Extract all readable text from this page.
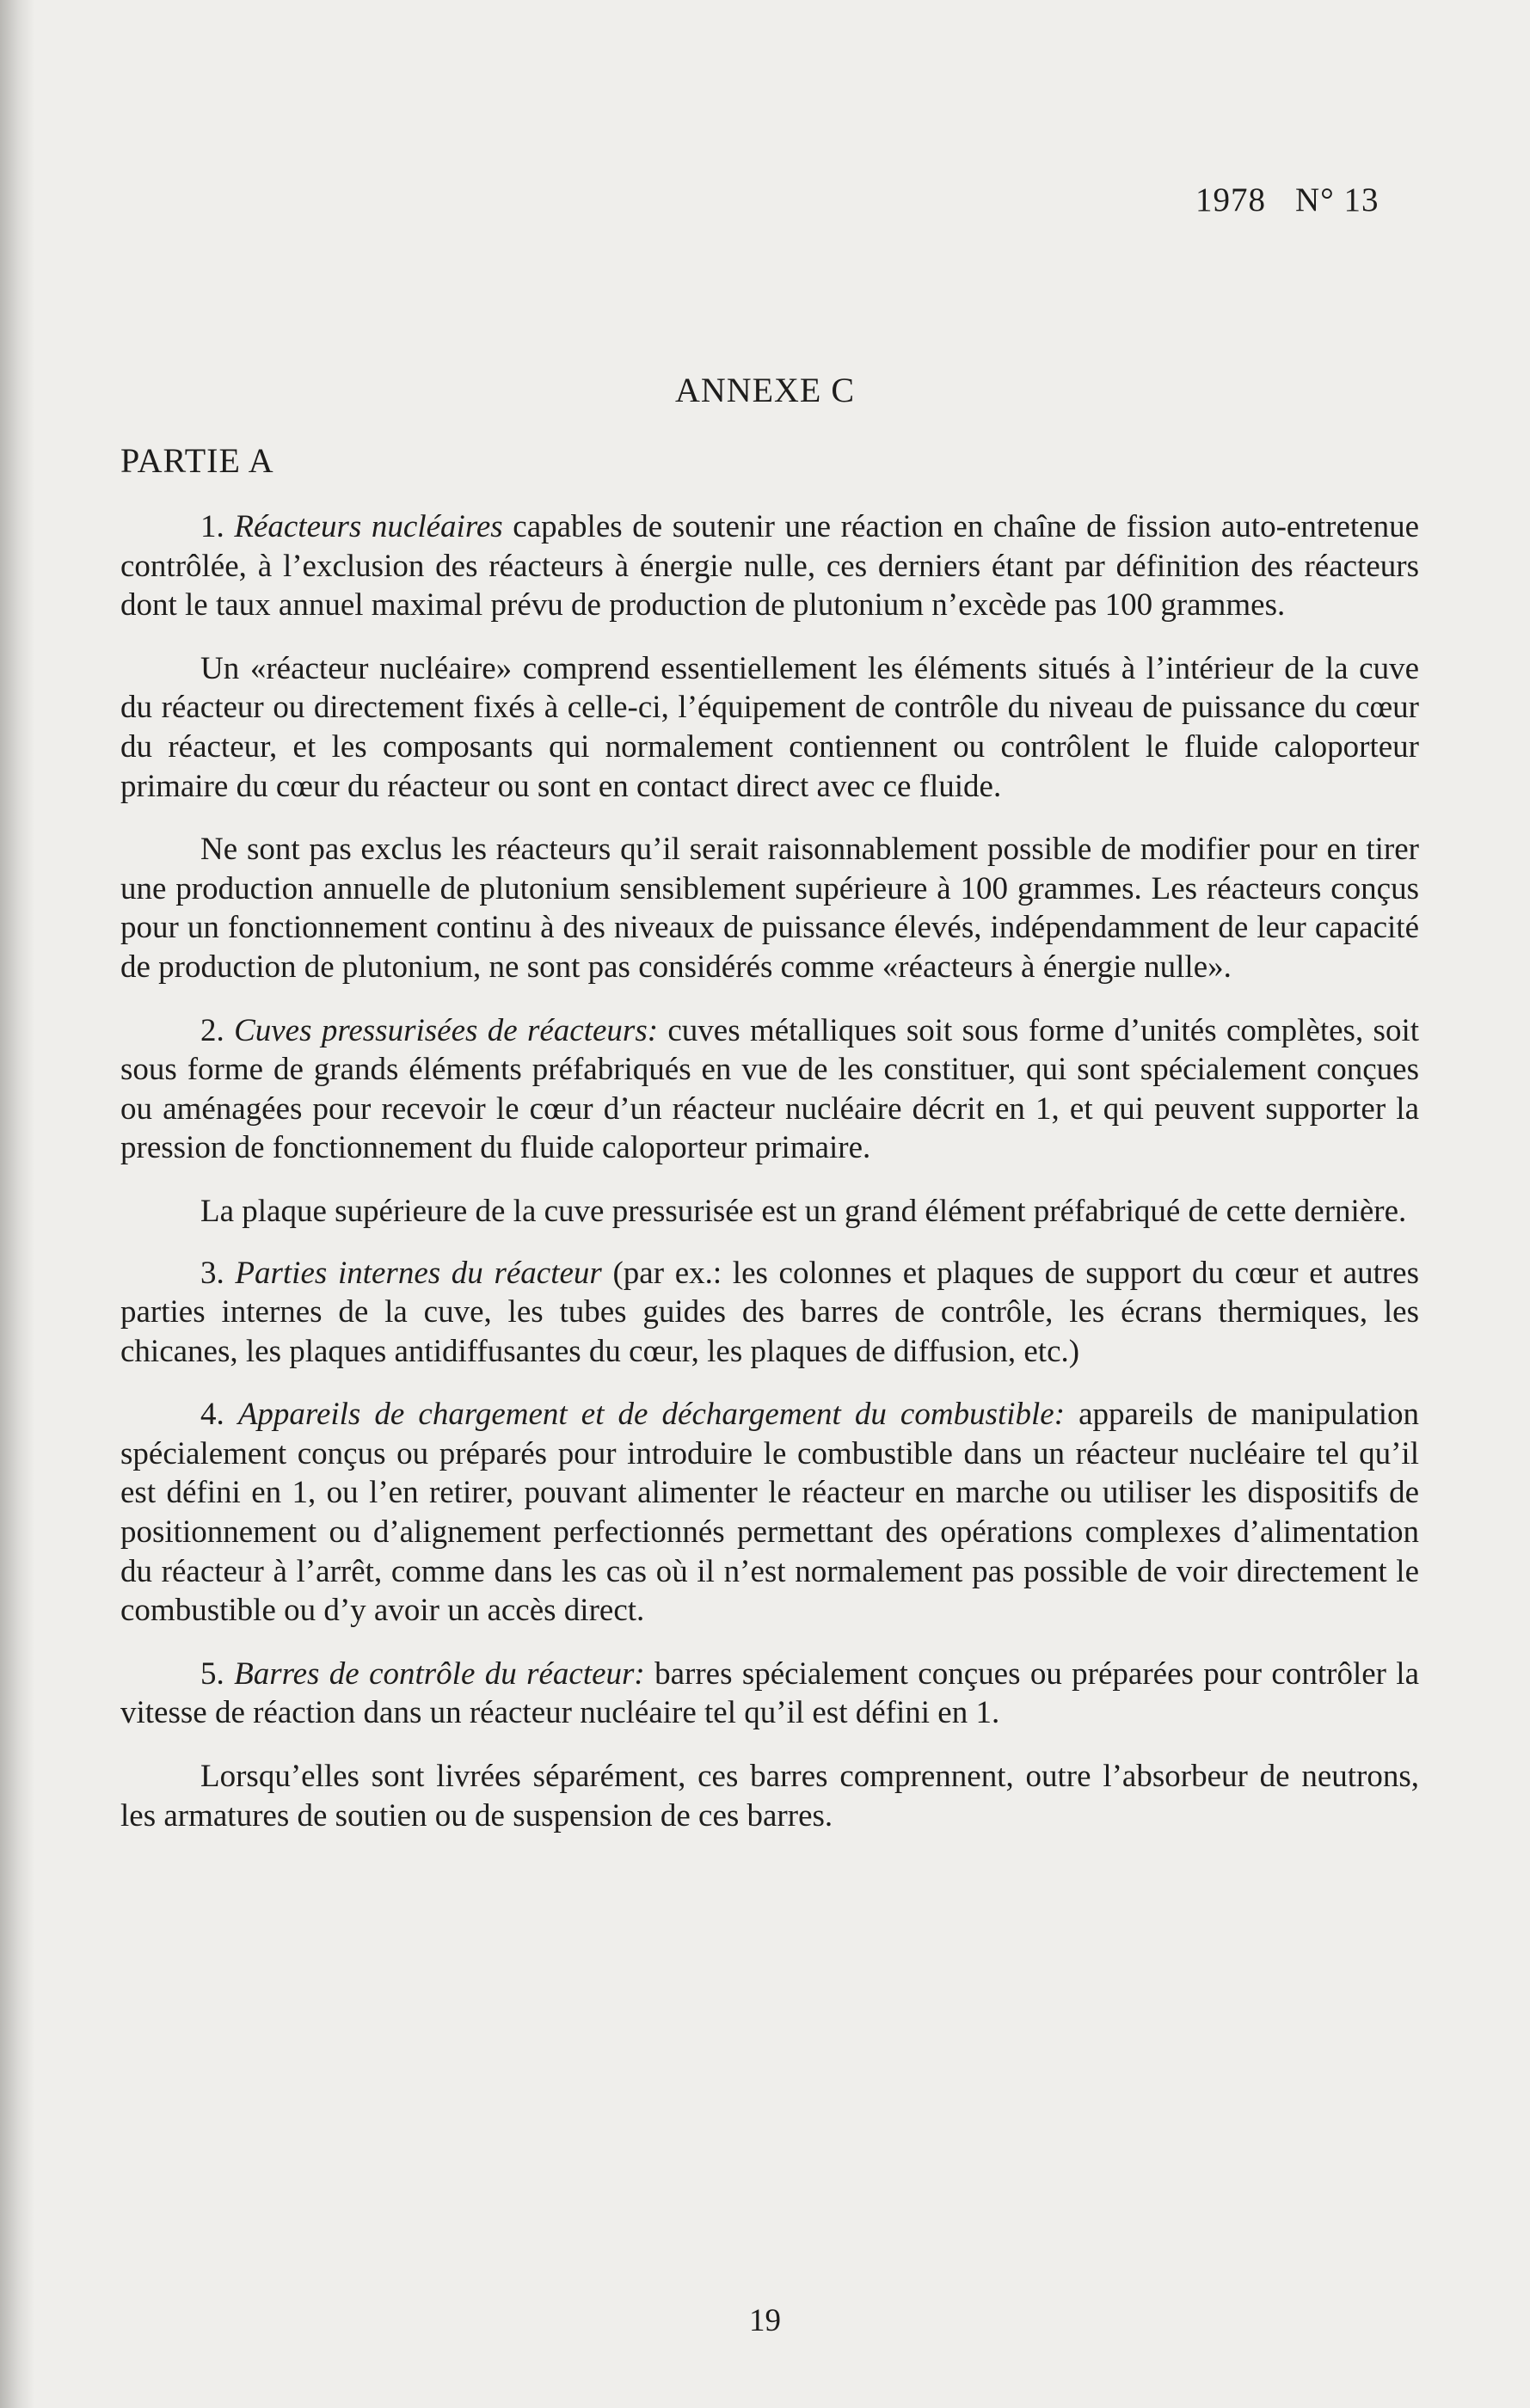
1978 N° 13
ANNEXE C
PARTIE A

1. Réacteurs nucléaires capables de soutenir une réaction en chaîne de fission auto-entretenue contrôlée, à l’exclusion des réacteurs à énergie nulle, ces derniers étant par définition des réacteurs dont le taux annuel maximal prévu de production de plutonium n’excède pas 100 grammes.

Un «réacteur nucléaire» comprend essentiellement les éléments situés à l’intérieur de la cuve du réacteur ou directement fixés à celle-ci, l’équipement de contrôle du niveau de puissance du cœur du réacteur, et les composants qui normalement contiennent ou contrôlent le fluide caloporteur primaire du cœur du réacteur ou sont en contact direct avec ce fluide.

Ne sont pas exclus les réacteurs qu’il serait raisonnablement possible de modifier pour en tirer une production annuelle de plutonium sensiblement supérieure à 100 grammes. Les réacteurs conçus pour un fonctionnement continu à des niveaux de puissance élevés, indépendamment de leur capacité de production de plutonium, ne sont pas considérés comme «réacteurs à énergie nulle».

2. Cuves pressurisées de réacteurs: cuves métalliques soit sous forme d’unités complètes, soit sous forme de grands éléments préfabriqués en vue de les constituer, qui sont spécialement conçues ou aménagées pour recevoir le cœur d’un réacteur nucléaire décrit en 1, et qui peuvent supporter la pression de fonctionnement du fluide caloporteur primaire.

La plaque supérieure de la cuve pressurisée est un grand élément préfabriqué de cette dernière.

3. Parties internes du réacteur (par ex.: les colonnes et plaques de support du cœur et autres parties internes de la cuve, les tubes guides des barres de contrôle, les écrans thermiques, les chicanes, les plaques antidiffusantes du cœur, les plaques de diffusion, etc.)

4. Appareils de chargement et de déchargement du combustible: appareils de manipulation spécialement conçus ou préparés pour introduire le combustible dans un réacteur nucléaire tel qu’il est défini en 1, ou l’en retirer, pouvant alimenter le réacteur en marche ou utiliser les dispositifs de positionnement ou d’alignement perfectionnés permettant des opérations complexes d’alimentation du réacteur à l’arrêt, comme dans les cas où il n’est normalement pas possible de voir directement le combustible ou d’y avoir un accès direct.

5. Barres de contrôle du réacteur: barres spécialement conçues ou préparées pour contrôler la vitesse de réaction dans un réacteur nucléaire tel qu’il est défini en 1.

Lorsqu’elles sont livrées séparément, ces barres comprennent, outre l’absorbeur de neutrons, les armatures de soutien ou de suspension de ces barres.

19
